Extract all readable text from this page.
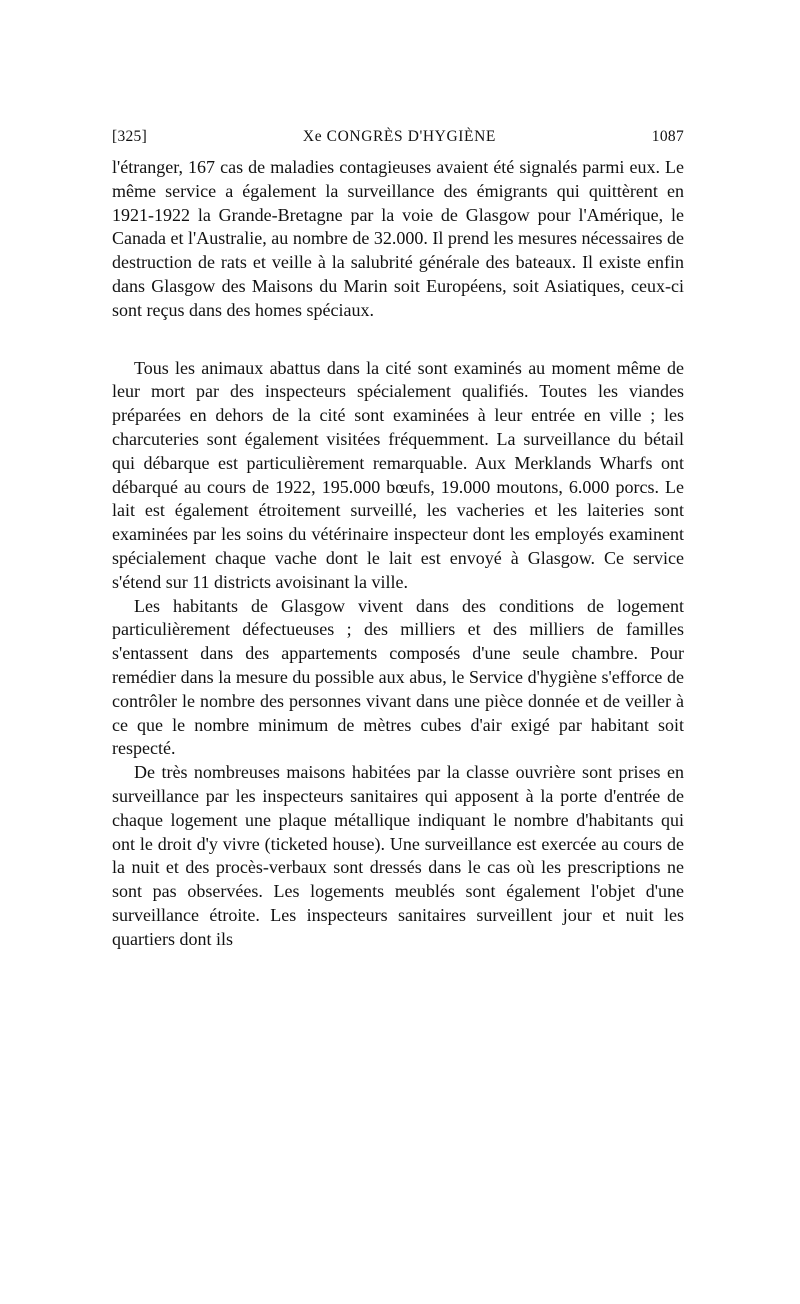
[325]	Xe CONGRÈS D'HYGIÈNE	1087

l'étranger, 167 cas de maladies contagieuses avaient été signalés parmi eux. Le même service a également la surveillance des émigrants qui quittèrent en 1921-1922 la Grande-Bretagne par la voie de Glasgow pour l'Amérique, le Canada et l'Australie, au nombre de 32.000. Il prend les mesures nécessaires de destruction de rats et veille à la salubrité générale des bateaux. Il existe enfin dans Glasgow des Maisons du Marin soit Européens, soit Asiatiques, ceux-ci sont reçus dans des homes spéciaux.

Tous les animaux abattus dans la cité sont examinés au moment même de leur mort par des inspecteurs spécialement qualifiés. Toutes les viandes préparées en dehors de la cité sont examinées à leur entrée en ville ; les charcuteries sont également visitées fréquemment. La surveillance du bétail qui débarque est particulièrement remarquable. Aux Merklands Wharfs ont débarqué au cours de 1922, 195.000 bœufs, 19.000 moutons, 6.000 porcs. Le lait est également étroitement surveillé, les vacheries et les laiteries sont examinées par les soins du vétérinaire inspecteur dont les employés examinent spécialement chaque vache dont le lait est envoyé à Glasgow. Ce service s'étend sur 11 districts avoisinant la ville.

Les habitants de Glasgow vivent dans des conditions de logement particulièrement défectueuses ; des milliers et des milliers de familles s'entassent dans des appartements composés d'une seule chambre. Pour remédier dans la mesure du possible aux abus, le Service d'hygiène s'efforce de contrôler le nombre des personnes vivant dans une pièce donnée et de veiller à ce que le nombre minimum de mètres cubes d'air exigé par habitant soit respecté.

De très nombreuses maisons habitées par la classe ouvrière sont prises en surveillance par les inspecteurs sanitaires qui apposent à la porte d'entrée de chaque logement une plaque métallique indiquant le nombre d'habitants qui ont le droit d'y vivre (ticketed house). Une surveillance est exercée au cours de la nuit et des procès-verbaux sont dressés dans le cas où les prescriptions ne sont pas observées. Les logements meublés sont également l'objet d'une surveillance étroite. Les inspecteurs sanitaires surveillent jour et nuit les quartiers dont ils
